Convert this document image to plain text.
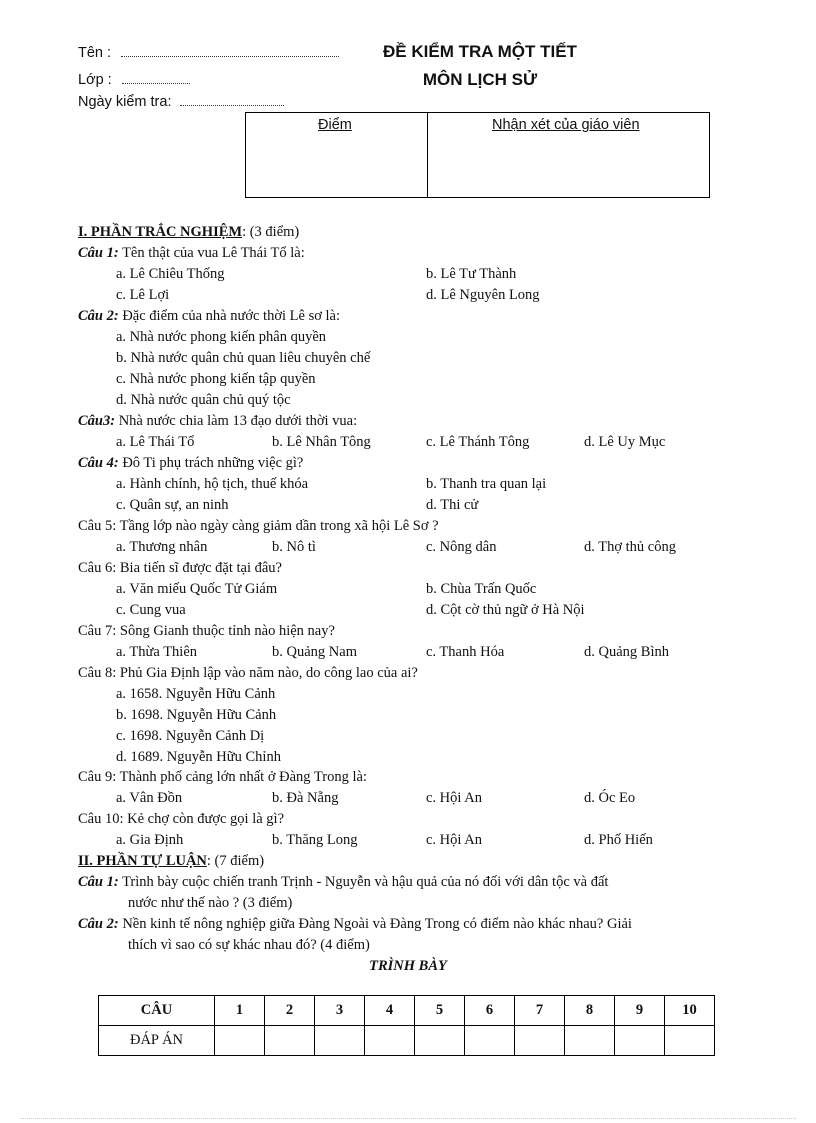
Tên :
Lớp :
Ngày kiểm tra:
ĐỀ KIỂM TRA MỘT TIẾT
MÔN LỊCH SỬ
Điểm	Nhận xét của giáo viên
I. PHẦN TRẮC NGHIỆM: (3 điểm)
Câu 1: Tên thật của vua Lê Thái Tổ là:
a. Lê Chiêu Thống	b. Lê Tư Thành
c. Lê Lợi	d. Lê Nguyên Long
Câu 2: Đặc điểm của nhà nước thời Lê sơ là:
a. Nhà nước phong kiến phân quyền
b. Nhà nước quân chủ quan liêu chuyên chế
c. Nhà nước phong kiến tập quyền
d. Nhà nước quân chủ quý tộc
Câu3: Nhà nước chia làm 13 đạo dưới thời vua:
a. Lê Thái Tổ	b. Lê Nhân Tông	c. Lê Thánh Tông	d. Lê Uy Mục
Câu 4: Đô Ti phụ trách những việc gì?
a. Hành chính, hộ tịch, thuế khóa	b. Thanh tra quan lại
c. Quân sự, an ninh	d. Thi cử
Câu 5: Tầng lớp nào ngày càng giảm dần trong xã hội Lê Sơ ?
a. Thương nhân	b. Nô tì	c. Nông dân	d. Thợ thủ công
Câu 6: Bia tiến sĩ được đặt tại đâu?
a. Văn miếu Quốc Tử Giám	b. Chùa Trấn Quốc
c. Cung vua	d. Cột cờ thủ ngữ ở Hà Nội
Câu 7: Sông Gianh thuộc tỉnh nào hiện nay?
a. Thừa Thiên	b. Quảng Nam	c. Thanh Hóa	d. Quảng Bình
Câu 8: Phủ Gia Định lập vào năm nào, do công lao của ai?
a. 1658. Nguyễn Hữu Cảnh
b. 1698. Nguyễn Hữu Cảnh
c. 1698. Nguyễn Cảnh Dị
d. 1689. Nguyễn Hữu Chỉnh
Câu 9: Thành phố cảng lớn nhất ở Đàng Trong là:
a. Vân Đồn	b. Đà Nẵng	c. Hội An	d. Óc Eo
Câu 10: Kẻ chợ còn được gọi là gì?
a. Gia Định	b. Thăng Long	c. Hội An	d. Phố Hiến
II. PHẦN TỰ LUẬN: (7 điểm)
Câu 1: Trình bày cuộc chiến tranh Trịnh - Nguyễn và hậu quả của nó đối với dân tộc và đất
nước như thế nào ? (3 điểm)
Câu 2: Nền kinh tế nông nghiệp giữa Đàng Ngoài và Đàng Trong có điểm nào khác nhau? Giải
thích vì sao có sự khác nhau đó? (4 điểm)
TRÌNH BÀY
CÂU	1	2	3	4	5	6	7	8	9	10
ĐÁP ÁN										
